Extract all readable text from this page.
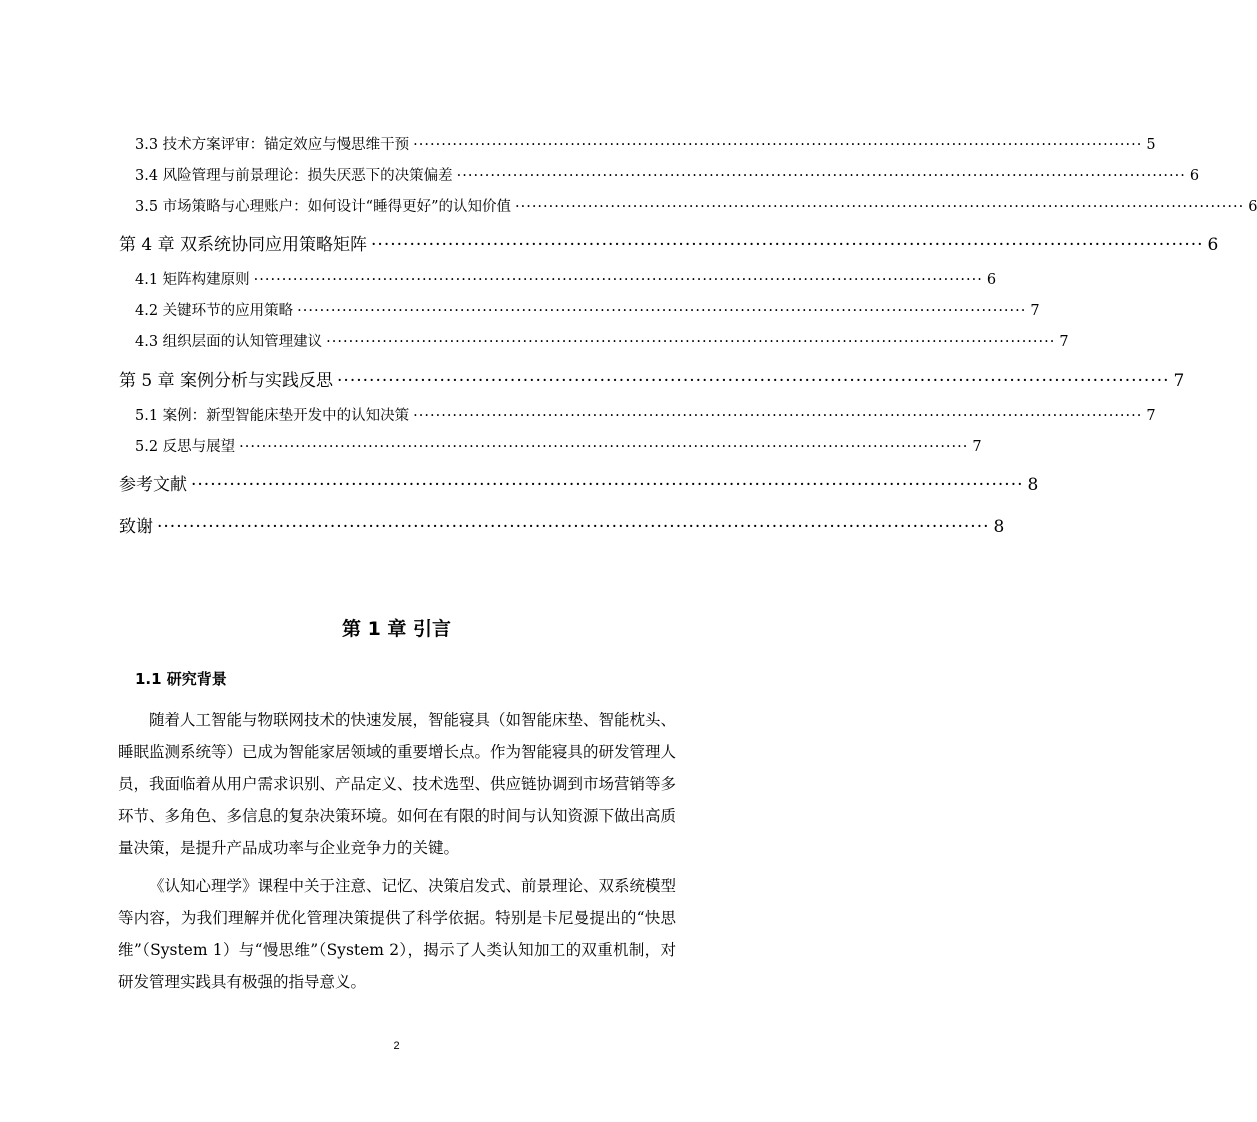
3.3 技术方案评审：锚定效应与慢思维干预 ·································································································································· 5
3.4 风险管理与前景理论：损失厌恶下的决策偏差 ·································································································································· 6
3.5 市场策略与心理账户：如何设计“睡得更好”的认知价值 ·································································································································· 6
第 4 章 双系统协同应用策略矩阵 ·································································································································· 6
4.1 矩阵构建原则 ·································································································································· 6
4.2 关键环节的应用策略 ·································································································································· 7
4.3 组织层面的认知管理建议 ·································································································································· 7
第 5 章 案例分析与实践反思 ·································································································································· 7
5.1 案例：新型智能床垫开发中的认知决策 ·································································································································· 7
5.2 反思与展望 ·································································································································· 7
参考文献 ·································································································································· 8
致谢 ·································································································································· 8
第 1 章 引言
1.1 研究背景

随着人工智能与物联网技术的快速发展，智能寝具（如智能床垫、智能枕头、睡眠监测系统等）已成为智能家居领域的重要增长点。作为智能寝具的研发管理人员，我面临着从用户需求识别、产品定义、技术选型、供应链协调到市场营销等多环节、多角色、多信息的复杂决策环境。如何在有限的时间与认知资源下做出高质量决策，是提升产品成功率与企业竞争力的关键。

《认知心理学》课程中关于注意、记忆、决策启发式、前景理论、双系统模型等内容，为我们理解并优化管理决策提供了科学依据。特别是卡尼曼提出的“快思维”（System 1）与“慢思维”（System 2），揭示了人类认知加工的双重机制，对研发管理实践具有极强的指导意义。

2
